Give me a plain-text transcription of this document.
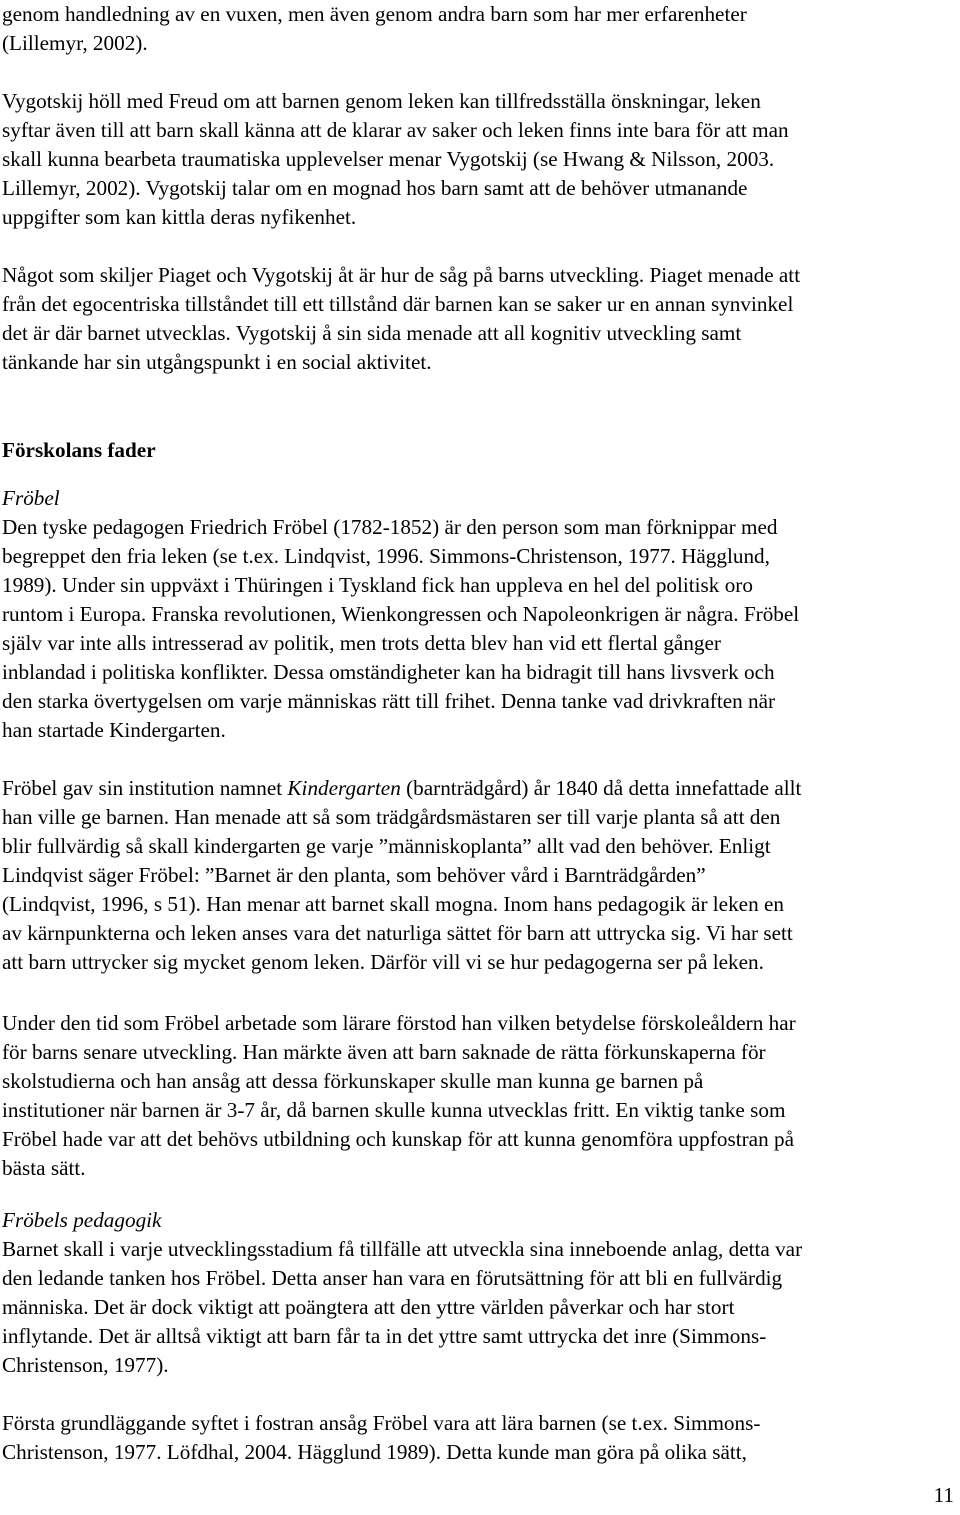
genom handledning av en vuxen, men även genom andra barn som har mer erfarenheter
(Lillemyr, 2002).
Vygotskij höll med Freud om att barnen genom leken kan tillfredsställa önskningar, leken
syftar även till att barn skall känna att de klarar av saker och leken finns inte bara för att man
skall kunna bearbeta traumatiska upplevelser menar Vygotskij (se Hwang & Nilsson, 2003.
Lillemyr, 2002). Vygotskij talar om en mognad hos barn samt att de behöver utmanande
uppgifter som kan kittla deras nyfikenhet.
Något som skiljer Piaget och Vygotskij åt är hur de såg på barns utveckling. Piaget menade att
från det egocentriska tillståndet till ett tillstånd där barnen kan se saker ur en annan synvinkel
det är där barnet utvecklas. Vygotskij å sin sida menade att all kognitiv utveckling samt
tänkande har sin utgångspunkt i en social aktivitet.
Förskolans fader
Fröbel
Den tyske pedagogen Friedrich Fröbel (1782-1852) är den person som man förknippar med
begreppet den fria leken (se t.ex. Lindqvist, 1996. Simmons-Christenson, 1977. Hägglund,
1989). Under sin uppväxt i Thüringen i Tyskland fick han uppleva en hel del politisk oro
runtom i Europa. Franska revolutionen, Wienkongressen och Napoleonkrigen är några. Fröbel
själv var inte alls intresserad av politik, men trots detta blev han vid ett flertal gånger
inblandad i politiska konflikter. Dessa omständigheter kan ha bidragit till hans livsverk och
den starka övertygelsen om varje människas rätt till frihet. Denna tanke vad drivkraften när
han startade Kindergarten.
Fröbel gav sin institution namnet Kindergarten (barnträdgård) år 1840 då detta innefattade allt
han ville ge barnen. Han menade att så som trädgårdsmästaren ser till varje planta så att den
blir fullvärdig så skall kindergarten ge varje ”människoplanta” allt vad den behöver. Enligt
Lindqvist säger Fröbel: ”Barnet är den planta, som behöver vård i Barnträdgården”
(Lindqvist, 1996, s 51). Han menar att barnet skall mogna. Inom hans pedagogik är leken en
av kärnpunkterna och leken anses vara det naturliga sättet för barn att uttrycka sig. Vi har sett
att barn uttrycker sig mycket genom leken. Därför vill vi se hur pedagogerna ser på leken.
Under den tid som Fröbel arbetade som lärare förstod han vilken betydelse förskoleåldern har
för barns senare utveckling. Han märkte även att barn saknade de rätta förkunskaperna för
skolstudierna och han ansåg att dessa förkunskaper skulle man kunna ge barnen på
institutioner när barnen är 3-7 år, då barnen skulle kunna utvecklas fritt. En viktig tanke som
Fröbel hade var att det behövs utbildning och kunskap för att kunna genomföra uppfostran på
bästa sätt.
Fröbels pedagogik
Barnet skall i varje utvecklingsstadium få tillfälle att utveckla sina inneboende anlag, detta var
den ledande tanken hos Fröbel. Detta anser han vara en förutsättning för att bli en fullvärdig
människa. Det är dock viktigt att poängtera att den yttre världen påverkar och har stort
inflytande. Det är alltså viktigt att barn får ta in det yttre samt uttrycka det inre (Simmons-
Christenson, 1977).
Första grundläggande syftet i fostran ansåg Fröbel vara att lära barnen (se t.ex. Simmons-
Christenson, 1977. Löfdhal, 2004. Hägglund 1989). Detta kunde man göra på olika sätt,
11
